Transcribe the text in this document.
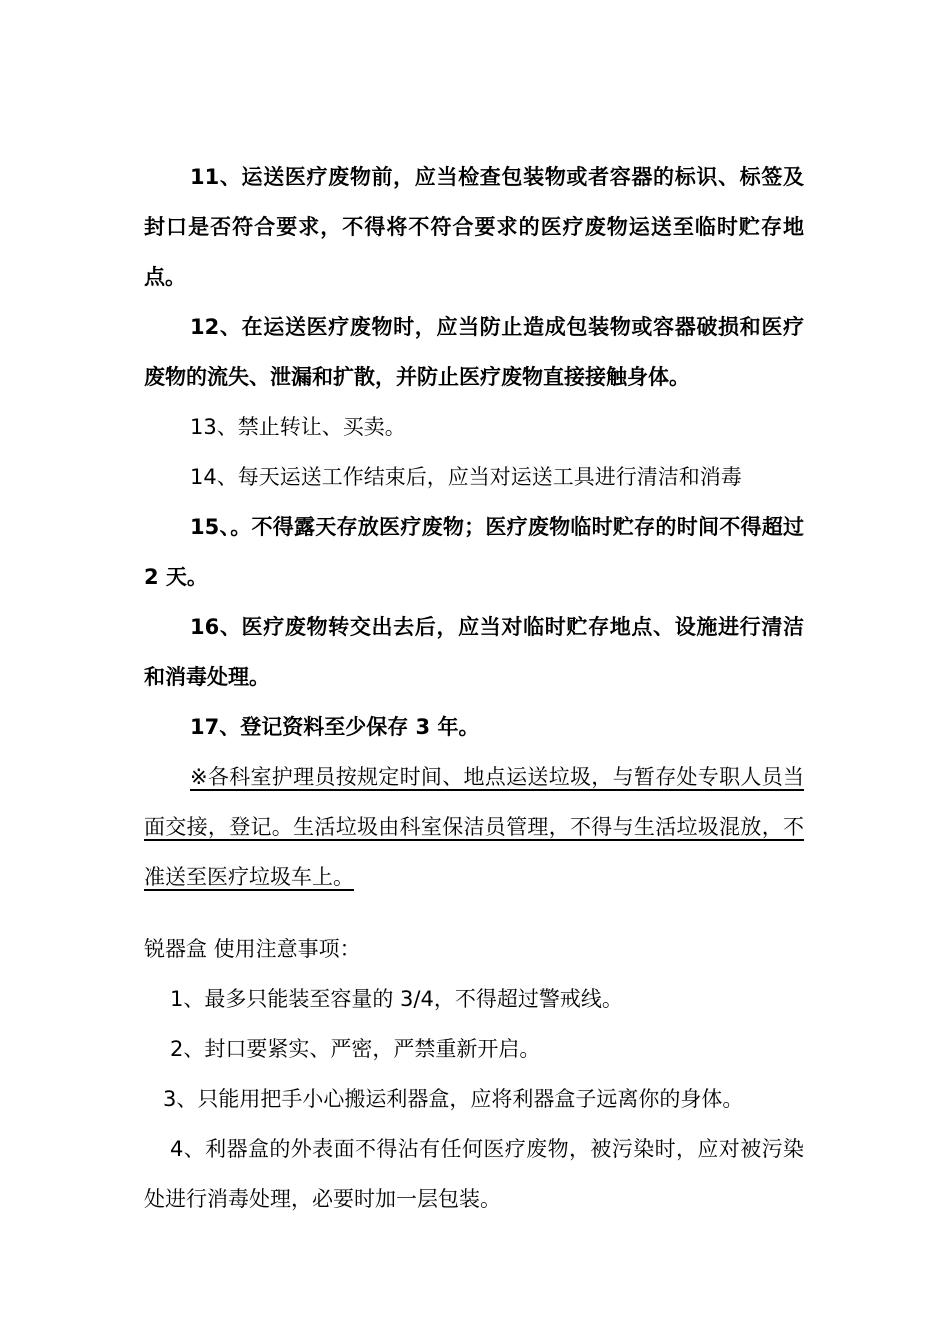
11、运送医疗废物前，应当检查包装物或者容器的标识、标签及封口是否符合要求，不得将不符合要求的医疗废物运送至临时贮存地点。

12、在运送医疗废物时，应当防止造成包装物或容器破损和医疗废物的流失、泄漏和扩散，并防止医疗废物直接接触身体。

13、禁止转让、买卖。

14、每天运送工作结束后，应当对运送工具进行清洁和消毒

15、。不得露天存放医疗废物；医疗废物临时贮存的时间不得超过 2 天。

16、医疗废物转交出去后，应当对临时贮存地点、设施进行清洁和消毒处理。

17、登记资料至少保存 3 年。

※各科室护理员按规定时间、地点运送垃圾，与暂存处专职人员当面交接，登记。生活垃圾由科室保洁员管理，不得与生活垃圾混放，不准送至医疗垃圾车上。

锐器盒 使用注意事项：

1、最多只能装至容量的 3/4，不得超过警戒线。

2、封口要紧实、严密，严禁重新开启。

3、只能用把手小心搬运利器盒，应将利器盒子远离你的身体。

4、利器盒的外表面不得沾有任何医疗废物，被污染时，应对被污染处进行消毒处理，必要时加一层包装。
